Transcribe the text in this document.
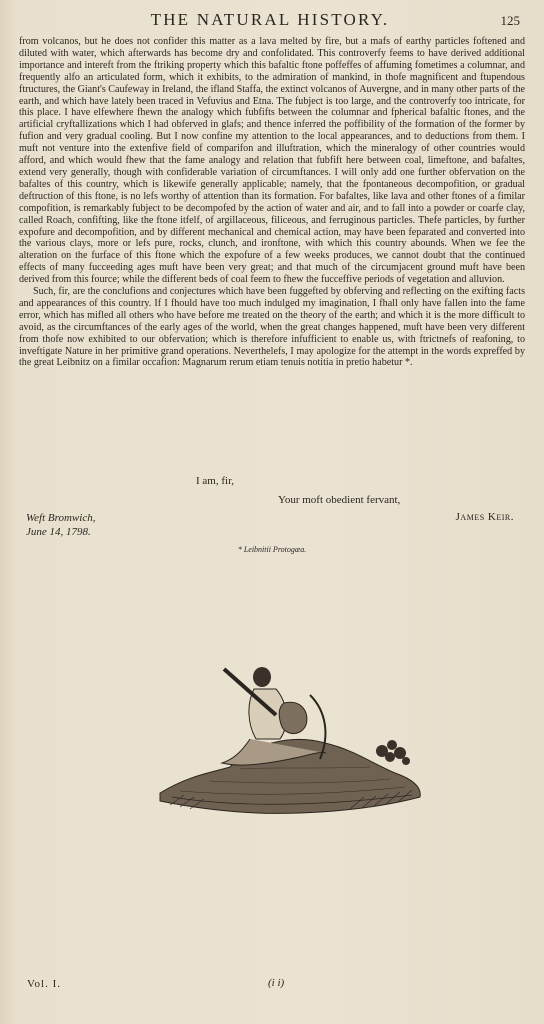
THE NATURAL HISTORY.	125

from volcanos, but he does not confider this matter as a lava melted by fire, but a mafs of earthy particles foftened and diluted with water, which afterwards has become dry and confolidated. This controverfy feems to have derived additional importance and intereft from the ftriking property which this bafaltic ftone poffeffes of affuming fometimes a columnar, and frequently alfo an articulated form, which it exhibits, to the admiration of mankind, in thofe magnificent and ftupendous ftructures, the Giant's Caufeway in Ireland, the ifland Staffa, the extinct volcanos of Auvergne, and in many other parts of the earth, and which have lately been traced in Vefuvius and Etna. The fubject is too large, and the controverfy too intricate, for this place. I have elfewhere fhewn the analogy which fubfifts between the columnar and fpherical bafaltic ftones, and the artificial cryftallizations which I had obferved in glafs; and thence inferred the poffibility of the formation of the former by fufion and very gradual cooling. But I now confine my attention to the local appearances, and to deductions from them. I muft not venture into the extenfive field of comparifon and illuftration, which the mineralogy of other countries would afford, and which would fhew that the fame analogy and relation that fubfift here between coal, limeftone, and bafaltes, extend very generally, though with confiderable variation of circumftances. I will only add one further obfervation on the bafaltes of this country, which is likewife generally applicable; namely, that the fpontaneous decompofition, or gradual deftruction of this ftone, is no lefs worthy of attention than its formation. For bafaltes, like lava and other ftones of a fimilar compofition, is remarkably fubject to be decompofed by the action of water and air, and to fall into a powder or coarfe clay, called Roach, confifting, like the ftone itfelf, of argillaceous, filiceous, and ferruginous particles. Thefe particles, by further expofure and decompofition, and by different mechanical and chemical action, may have been feparated and converted into the various clays, more or lefs pure, rocks, clunch, and ironftone, with which this country abounds. When we fee the alteration on the furface of this ftone which the expofure of a few weeks produces, we cannot doubt that the continued effects of many fucceeding ages muft have been very great; and that much of the circumjacent ground muft have been derived from this fource; while the different beds of coal feem to fhew the fucceffive periods of vegetation and alluvion.

Such, fir, are the conclufions and conjectures which have been fuggefted by obferving and reflecting on the exifting facts and appearances of this country. If I fhould have too much indulged my imagination, I fhall only have fallen into the fame error, which has mifled all others who have before me treated on the theory of the earth; and which it is the more difficult to avoid, as the circumftances of the early ages of the world, when the great changes happened, muft have been very different from thofe now exhibited to our obfervation; which is therefore infufficient to enable us, with ftrictnefs of reafoning, to inveftigate Nature in her primitive grand operations. Neverthelefs, I may apologize for the attempt in the words expreffed by the great Leibnitz on a fimilar occafion: Magnarum rerum etiam tenuis notitia in pretio habetur *.

I am, fir,
Your moft obedient fervant,
James Keir.
Weft Bromwich,
June 14, 1798.
* Leibnitii Protogæa.
Vol. I.	(i i)
